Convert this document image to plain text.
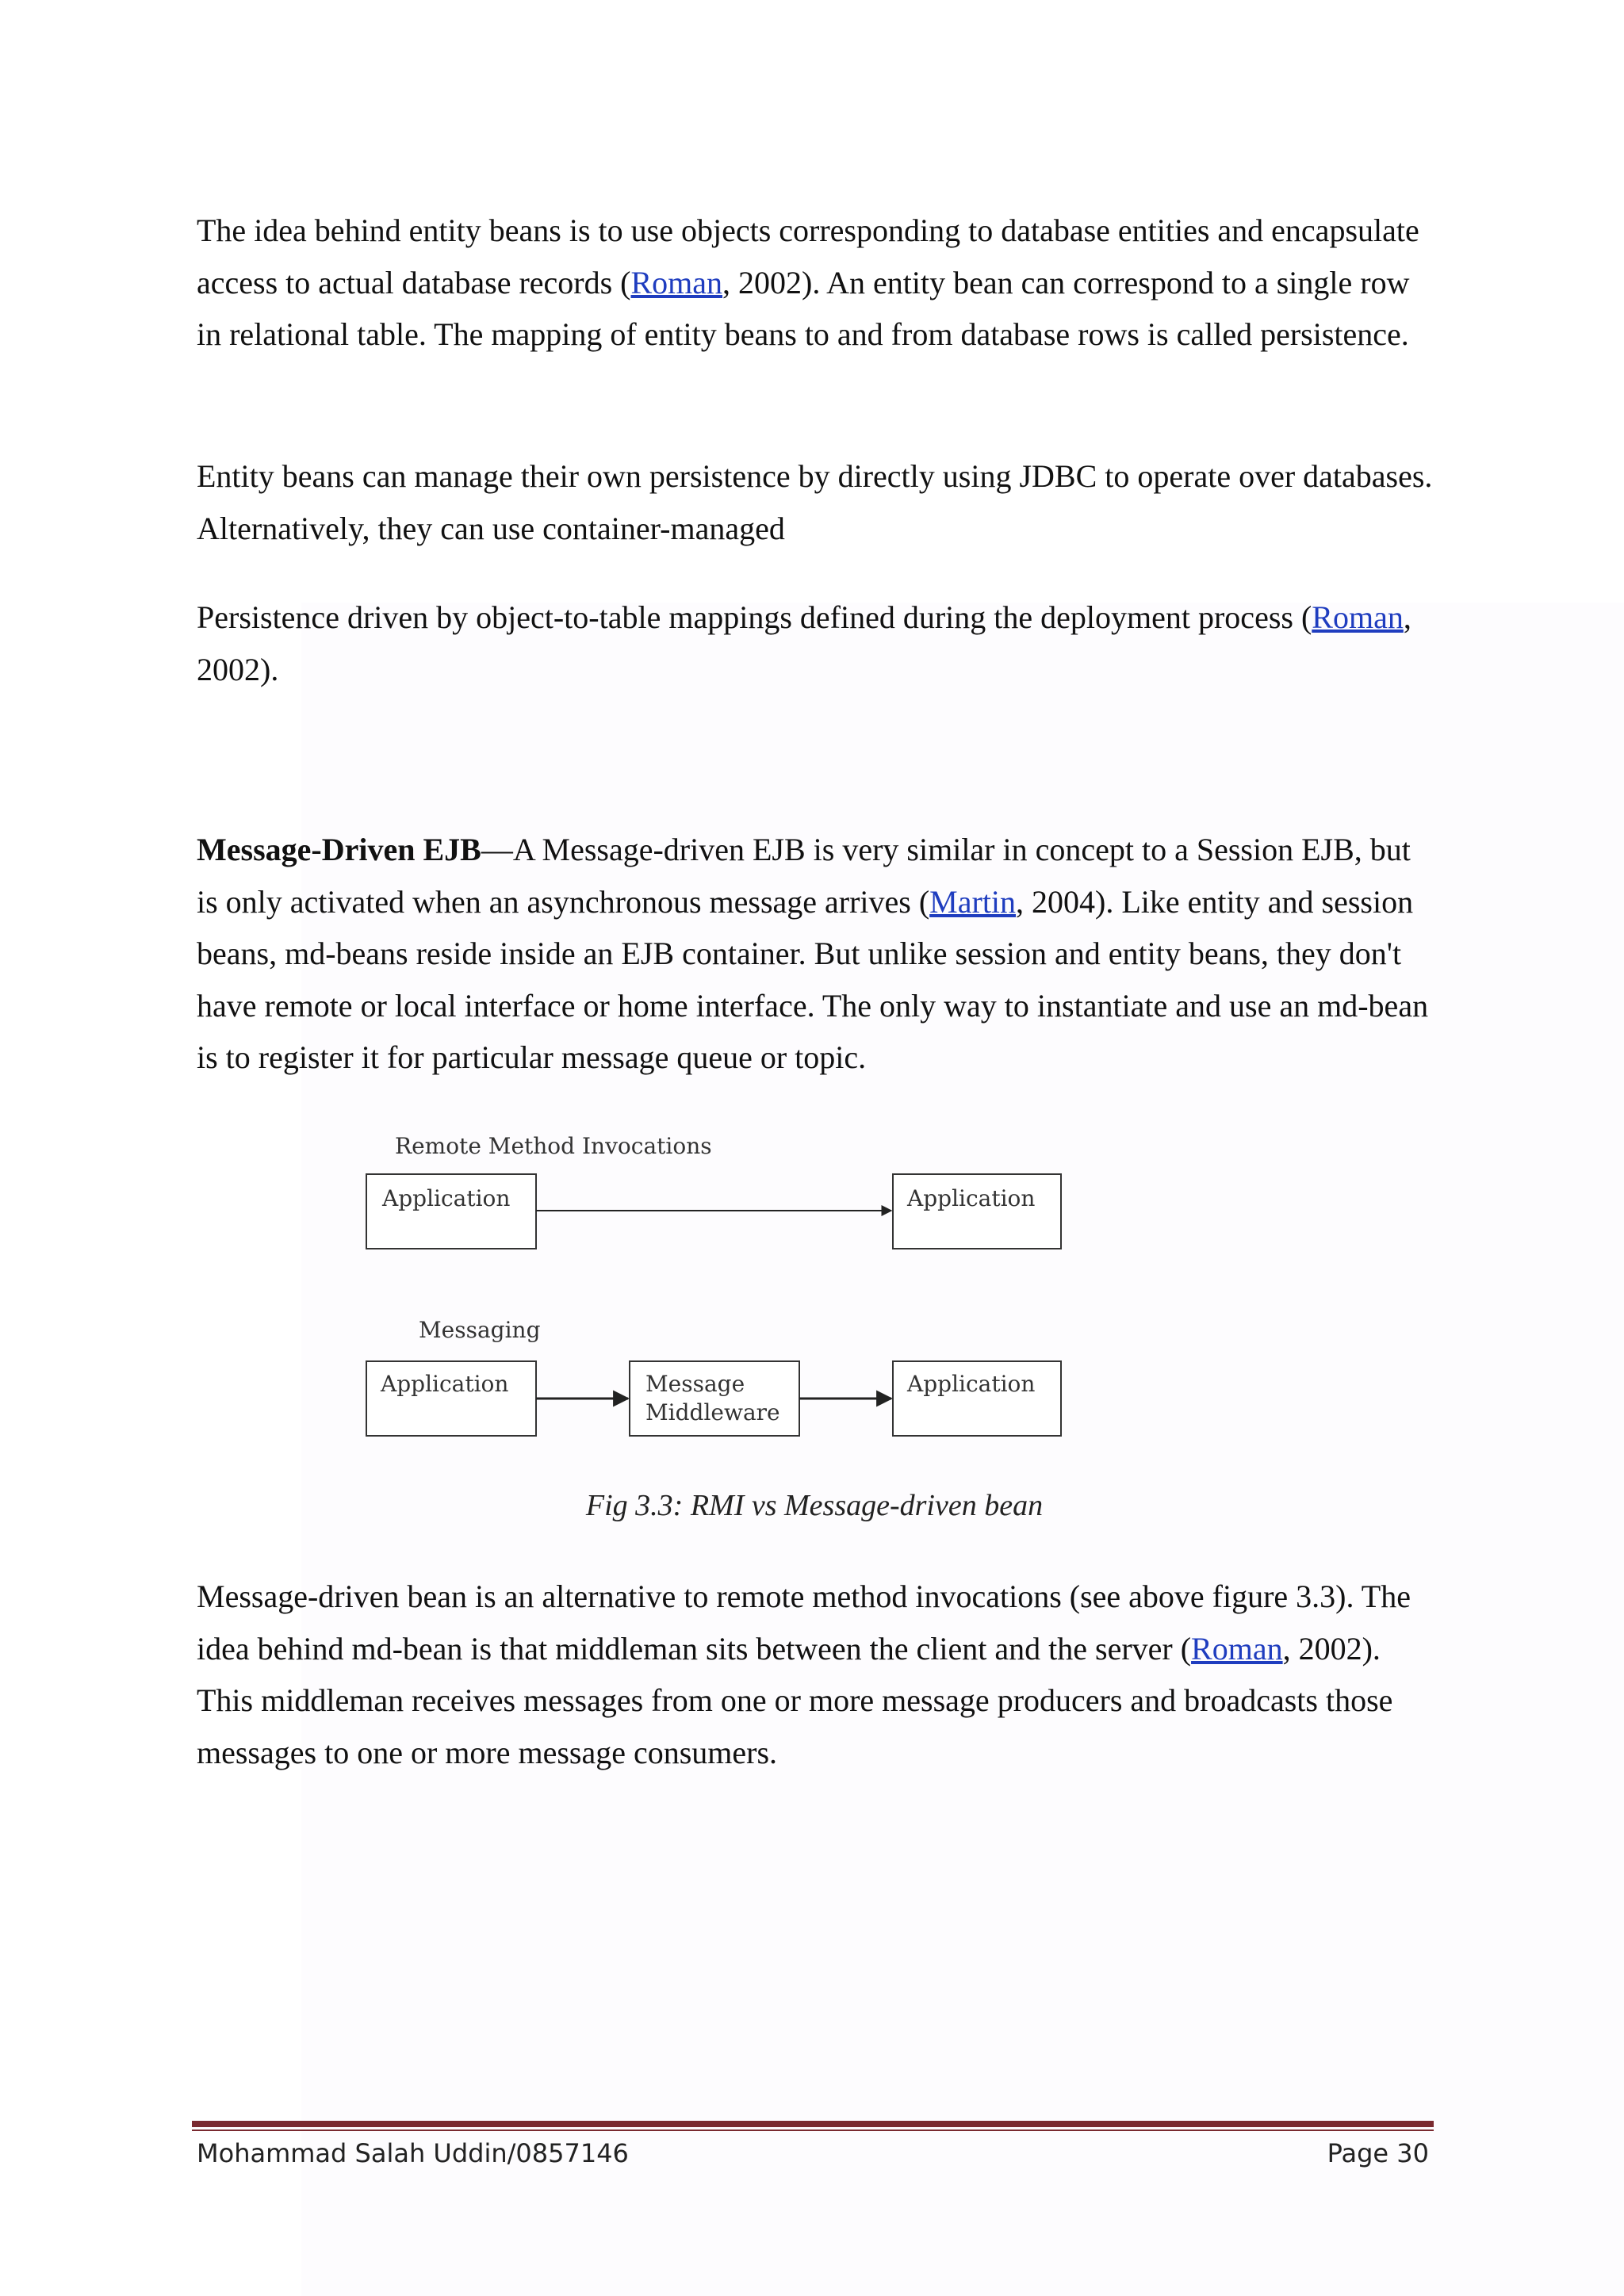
The idea behind entity beans is to use objects corresponding to database entities and encapsulate access to actual database records (Roman, 2002). An entity bean can correspond to a single row in relational table. The mapping of entity beans to and from database rows is called persistence.

Entity beans can manage their own persistence by directly using JDBC to operate over databases. Alternatively, they can use container-managed

Persistence driven by object-to-table mappings defined during the deployment process (Roman, 2002).

Message-Driven EJB—A Message-driven EJB is very similar in concept to a Session EJB, but is only activated when an asynchronous message arrives (Martin, 2004). Like entity and session beans, md-beans reside inside an EJB container. But unlike session and entity beans, they don't have remote or local interface or home interface. The only way to instantiate and use an md-bean is to register it for particular message queue or topic.

Remote Method Invocations
Application	Application
Messaging
Application	Message
Middleware
Application
Fig 3.3: RMI vs Message-driven bean

Message-driven bean is an alternative to remote method invocations (see above figure 3.3). The idea behind md-bean is that middleman sits between the client and the server (Roman, 2002). This middleman receives messages from one or more message producers and broadcasts those messages to one or more message consumers.

Mohammad Salah Uddin/0857146	Page 30
